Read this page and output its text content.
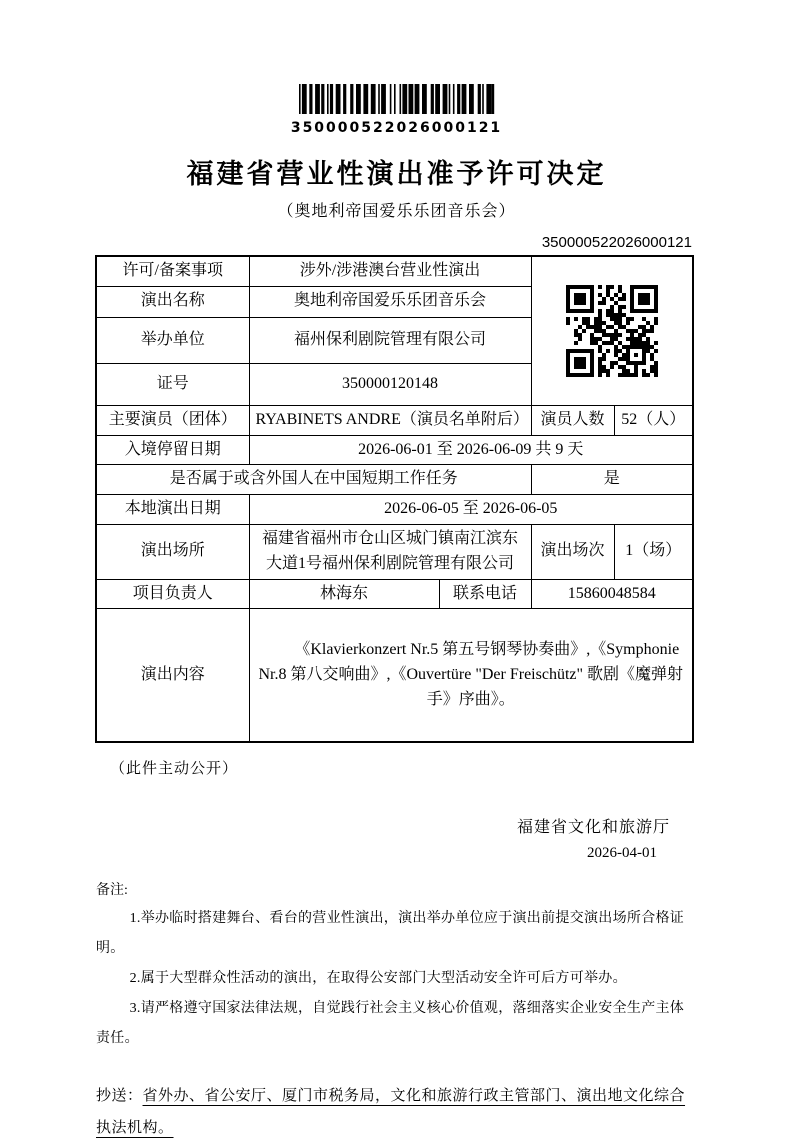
350000522026000121
福建省营业性演出准予许可决定
（奥地利帝国爱乐乐团音乐会）
350000522026000121
许可/备案事项	涉外/涉港澳台营业性演出	

演出名称	奥地利帝国爱乐乐团音乐会			
举办单位	福州保利剧院管理有限公司			
证号	350000120148			
主要演员（团体）	RYABINETS ANDRE（演员名单附后）		演员人数	52（人）
入境停留日期	2026-06-01 至 2026-06-09 共 9 天			
是否属于或含外国人在中国短期工作任务			是	
本地演出日期	2026-06-05 至 2026-06-05			
演出场所	福建省福州市仓山区城门镇南江滨东大道1号福州保利剧院管理有限公司		演出场次	1（场）
项目负责人	林海东	联系电话	15860048584	
演出内容	《Klavierkonzert Nr.5 第五号钢琴协奏曲》,《Symphonie Nr.8 第八交响曲》,《Ouvertüre "Der Freischütz" 歌剧《魔弹射手》序曲》。			
（此件主动公开）
福建省文化和旅游厅
2026-04-01
备注:
1.举办临时搭建舞台、看台的营业性演出，演出举办单位应于演出前提交演出场所合格证明。
2.属于大型群众性活动的演出，在取得公安部门大型活动安全许可后方可举办。
3.请严格遵守国家法律法规，自觉践行社会主义核心价值观，落细落实企业安全生产主体责任。
抄送：省外办、省公安厅、厦门市税务局，文化和旅游行政主管部门、演出地文化综合执法机构。
